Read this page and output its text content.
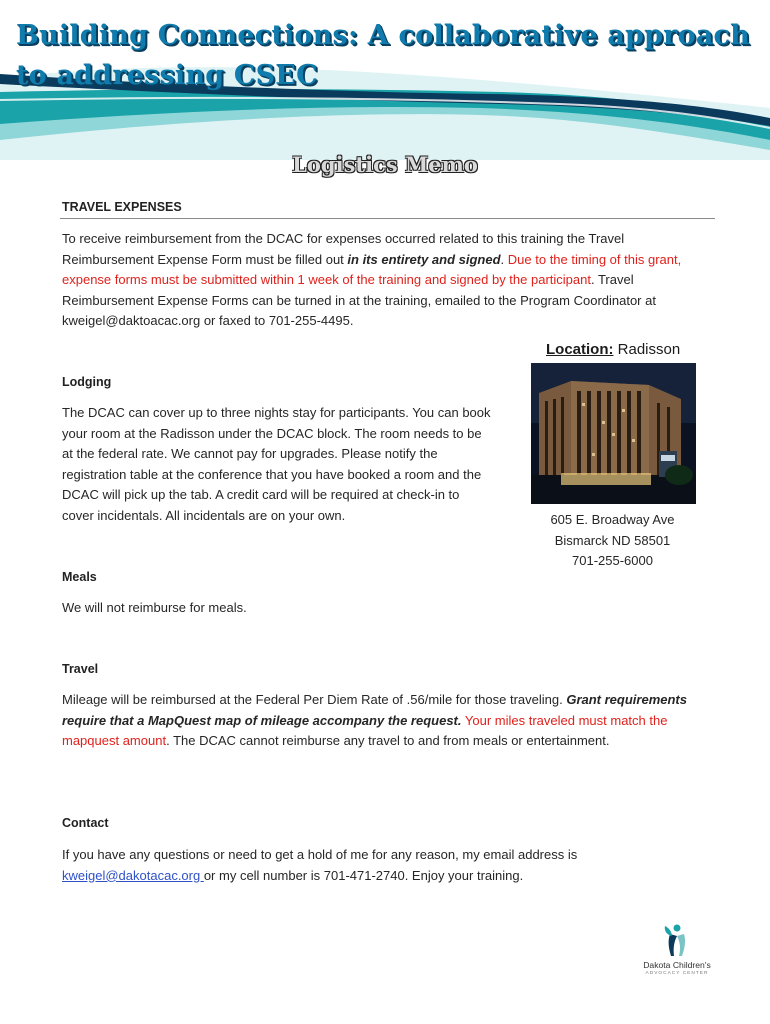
Building Connections: A collaborative approach to addressing CSEC
Logistics Memo
TRAVEL EXPENSES

To receive reimbursement from the DCAC for expenses occurred related to this training the Travel Reimbursement Expense Form must be filled out in its entirety and signed. Due to the timing of this grant, expense forms must be submitted within 1 week of the training and signed by the participant. Travel Reimbursement Expense Forms can be turned in at the training, emailed to the Program Coordinator at kweigel@daktoacac.org or faxed to 701-255-4495.

Location: Radisson
605 E. Broadway Ave
Bismarck ND 58501
701-255-6000
Lodging

The DCAC can cover up to three nights stay for participants. You can book your room at the Radisson under the DCAC block. The room needs to be at the federal rate. We cannot pay for upgrades. Please notify the registration table at the conference that you have booked a room and the DCAC will pick up the tab. A credit card will be required at check-in to cover incidentals. All incidentals are on your own.

Meals

We will not reimburse for meals.

Travel

Mileage will be reimbursed at the Federal Per Diem Rate of .56/mile for those traveling. Grant requirements require that a MapQuest map of mileage accompany the request. Your miles traveled must match the mapquest amount. The DCAC cannot reimburse any travel to and from meals or entertainment.

Contact

If you have any questions or need to get a hold of me for any reason, my email address is kweigel@dakotacac.org or my cell number is 701-471-2740. Enjoy your training.

Dakota Children's
ADVOCACY CENTER
